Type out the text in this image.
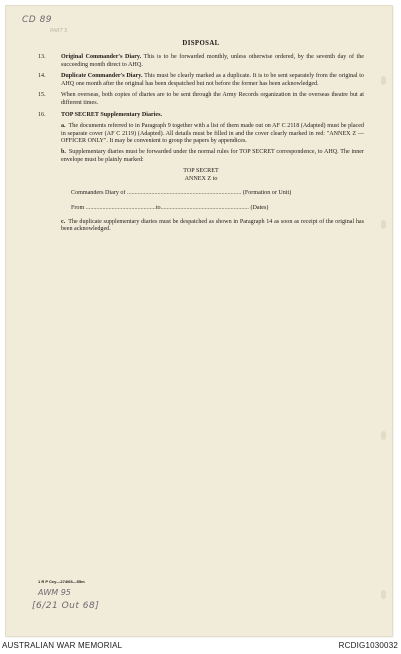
CD 89
PART 5
DISPOSAL
13.	Original Commander's Diary. This is to be forwarded monthly, unless otherwise ordered, by the seventh day of the succeeding month direct to AHQ.
14.	Duplicate Commander's Diary. This must be clearly marked as a duplicate. It is to be sent separately from the original to AHQ one month after the original has been despatched but not before the former has been acknowledged.
15.	When overseas, both copies of diaries are to be sent through the Army Records organization in the overseas theatre but at different times.
16.	TOP SECRET Supplementary Diaries.
a. The documents referred to in Paragraph 9 together with a list of them made out on AF C 2118 (Adapted) must be placed in separate cover (AF C 2119) (Adapted). All details must be filled in and the cover clearly marked in red: "ANNEX Z — OFFICER ONLY". It may be convenient to group the papers by appendices.
b. Supplementary diaries must be forwarded under the normal rules for TOP SECRET correspondence, to AHQ. The inner envelope must be plainly marked:
TOP SECRET
ANNEX Z to
Commanders Diary of ........................................................................... (Formation or Unit)
From ..............................................to.......................................................... (Dates)
c. The duplicate supplementary diaries must be despatched as shown in Paragraph 14 as soon as receipt of the original has been acknowledged.
1 R P Cey—274/65—55m
AWM 95
[6/21 Out 68]
AUSTRALIAN WAR MEMORIAL	RCDIG1030032
